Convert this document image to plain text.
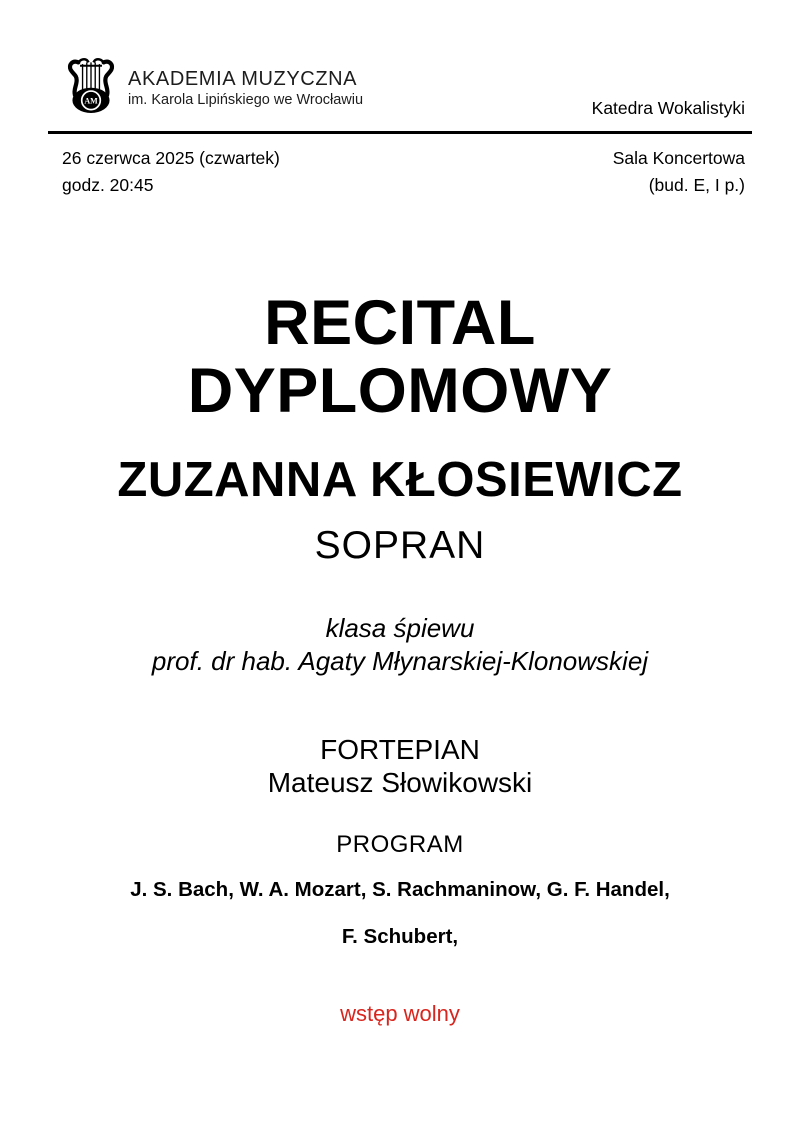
AM
AKADEMIA MUZYCZNA
im. Karola Lipińskiego we Wrocławiu	Katedra Wokalistyki
26 czerwca 2025 (czwartek)
godz. 20:45
Sala Koncertowa
(bud. E, I p.)
RECITAL
DYPLOMOWY
ZUZANNA KŁOSIEWICZ
SOPRAN
klasa śpiewu
prof. dr hab. Agaty Młynarskiej-Klonowskiej
FORTEPIAN
Mateusz Słowikowski
PROGRAM
J. S. Bach, W. A. Mozart, S. Rachmaninow, G. F. Handel,
F. Schubert,
wstęp wolny
